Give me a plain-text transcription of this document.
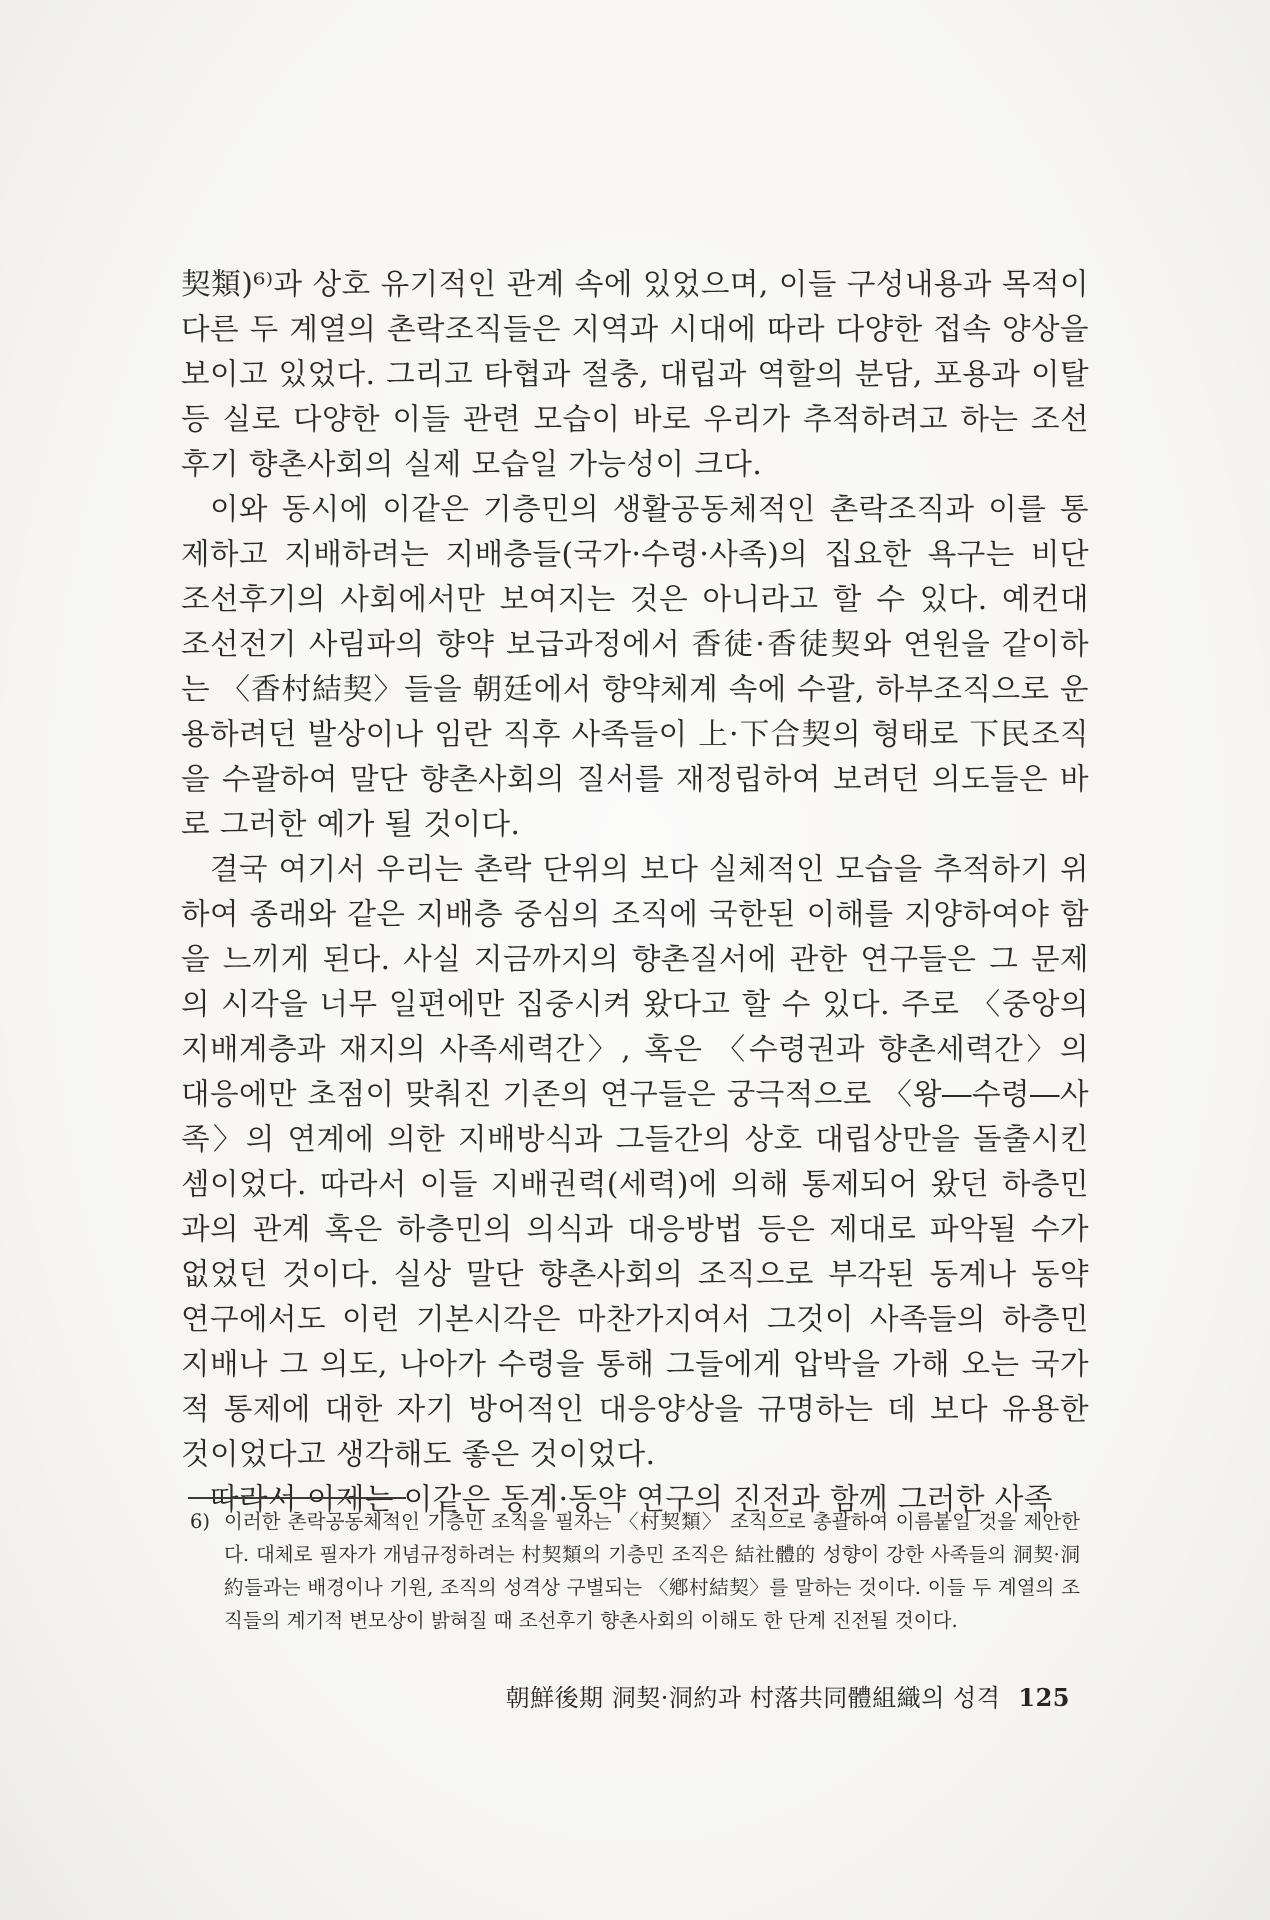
契類)⁶⁾과 상호 유기적인 관계 속에 있었으며, 이들 구성내용과 목적이 다른 두 계열의 촌락조직들은 지역과 시대에 따라 다양한 접속 양상을 보이고 있었다. 그리고 타협과 절충, 대립과 역할의 분담, 포용과 이탈 등 실로 다양한 이들 관련 모습이 바로 우리가 추적하려고 하는 조선후기 향촌사회의 실제 모습일 가능성이 크다.

이와 동시에 이같은 기층민의 생활공동체적인 촌락조직과 이를 통제하고 지배하려는 지배층들(국가·수령·사족)의 집요한 욕구는 비단 조선후기의 사회에서만 보여지는 것은 아니라고 할 수 있다. 예컨대 조선전기 사림파의 향약 보급과정에서 香徒·香徒契와 연원을 같이하는 〈香村結契〉들을 朝廷에서 향약체계 속에 수괄, 하부조직으로 운용하려던 발상이나 임란 직후 사족들이 上·下合契의 형태로 下民조직을 수괄하여 말단 향촌사회의 질서를 재정립하여 보려던 의도들은 바로 그러한 예가 될 것이다.

결국 여기서 우리는 촌락 단위의 보다 실체적인 모습을 추적하기 위하여 종래와 같은 지배층 중심의 조직에 국한된 이해를 지양하여야 함을 느끼게 된다. 사실 지금까지의 향촌질서에 관한 연구들은 그 문제의 시각을 너무 일편에만 집중시켜 왔다고 할 수 있다. 주로 〈중앙의 지배계층과 재지의 사족세력간〉, 혹은 〈수령권과 향촌세력간〉의 대응에만 초점이 맞춰진 기존의 연구들은 궁극적으로 〈왕―수령―사족〉의 연계에 의한 지배방식과 그들간의 상호 대립상만을 돌출시킨 셈이었다. 따라서 이들 지배권력(세력)에 의해 통제되어 왔던 하층민과의 관계 혹은 하층민의 의식과 대응방법 등은 제대로 파악될 수가 없었던 것이다. 실상 말단 향촌사회의 조직으로 부각된 동계나 동약 연구에서도 이런 기본시각은 마찬가지여서 그것이 사족들의 하층민 지배나 그 의도, 나아가 수령을 통해 그들에게 압박을 가해 오는 국가적 통제에 대한 자기 방어적인 대응양상을 규명하는 데 보다 유용한 것이었다고 생각해도 좋은 것이었다.

따라서 이제는 이같은 동계·동약 연구의 진전과 함께 그러한 사족

6) 이러한 촌락공동체적인 기층민 조직을 필자는 〈村契類〉 조직으로 총괄하여 이름붙일 것을 제안한다. 대체로 필자가 개념규정하려는 村契類의 기층민 조직은 結社體的 성향이 강한 사족들의 洞契·洞約들과는 배경이나 기원, 조직의 성격상 구별되는 〈鄕村結契〉를 말하는 것이다. 이들 두 계열의 조직들의 계기적 변모상이 밝혀질 때 조선후기 향촌사회의 이해도 한 단계 진전될 것이다.
朝鮮後期 洞契·洞約과 村落共同體組織의 성격 125
